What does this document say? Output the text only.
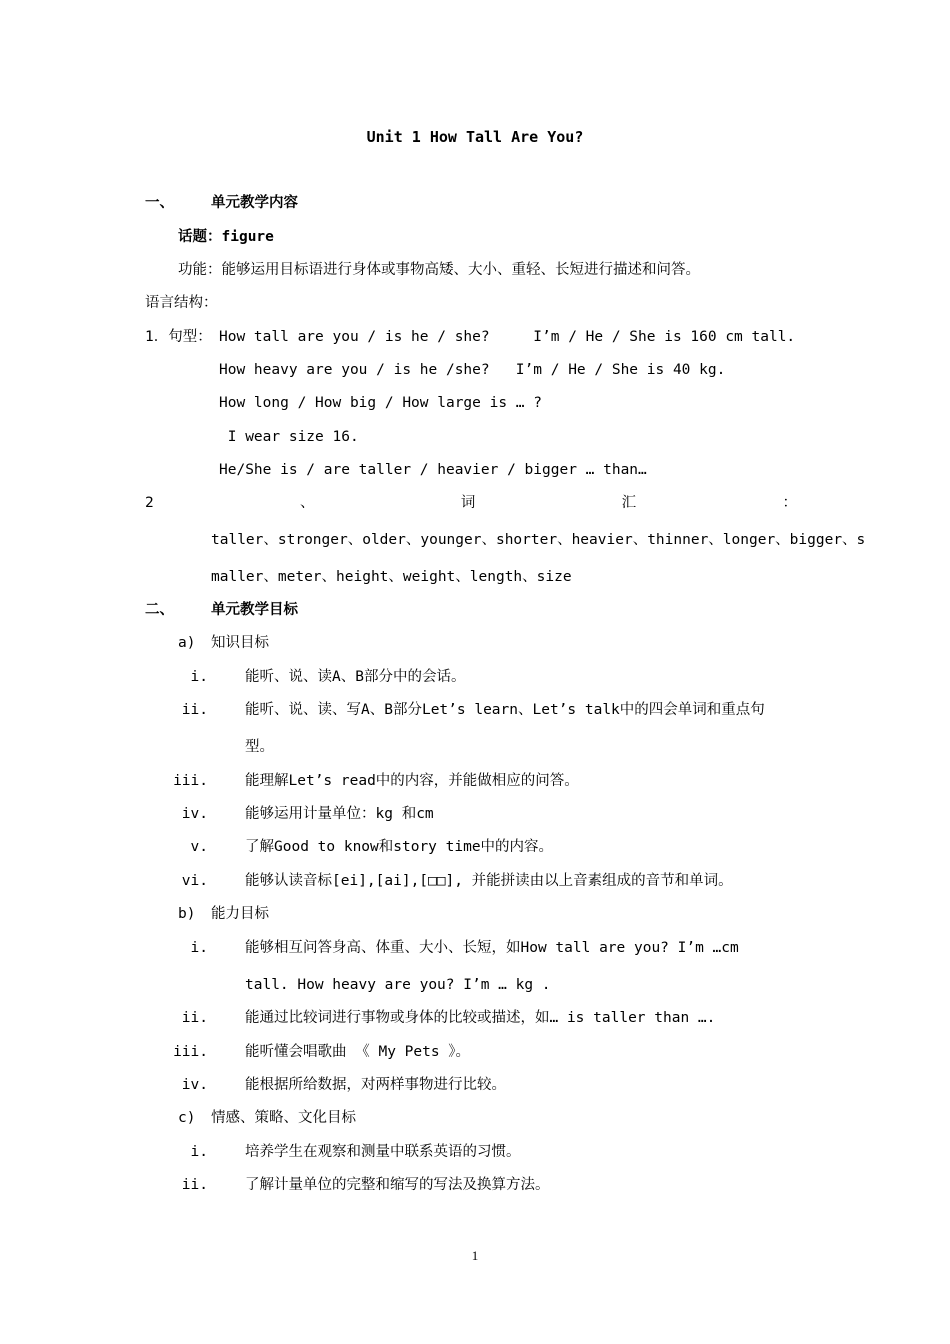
Unit 1 How Tall Are You?
一、	单元教学内容
话题：figure
功能：能够运用目标语进行身体或事物高矮、大小、重轻、长短进行描述和问答。
语言结构：
1．句型： How tall are you / is he / she?     I’m / He / She is 160 cm tall.
How heavy are you / is he /she?   I’m / He / She is 40 kg.
How long / How big / How large is … ?
I wear size 16.
He/She is / are taller / heavier / bigger … than…
2	、	词	汇	：
taller、stronger、older、younger、shorter、heavier、thinner、longer、bigger、s
maller、meter、height、weight、length、size
二、	单元教学目标
a) 知识目标
i.	能听、说、读A、B部分中的会话。
ii.	能听、说、读、写A、B部分Let’s learn、Let’s talk中的四会单词和重点句
型。
iii.	能理解Let’s read中的内容，并能做相应的问答。
iv.	能够运用计量单位：kg 和cm
v.	了解Good to know和story time中的内容。
vi.	能够认读音标[ei],[ai],[□□], 并能拼读由以上音素组成的音节和单词。
b) 能力目标
i.	能够相互问答身高、体重、大小、长短，如How tall are you? I’m …cm
tall. How heavy are you? I’m … kg .
ii.	能通过比较词进行事物或身体的比较或描述，如… is taller than ….
iii.	能听懂会唱歌曲 《 My Pets 》。
iv.	能根据所给数据，对两样事物进行比较。
c) 情感、策略、文化目标
i.	培养学生在观察和测量中联系英语的习惯。
ii.	了解计量单位的完整和缩写的写法及换算方法。
1
